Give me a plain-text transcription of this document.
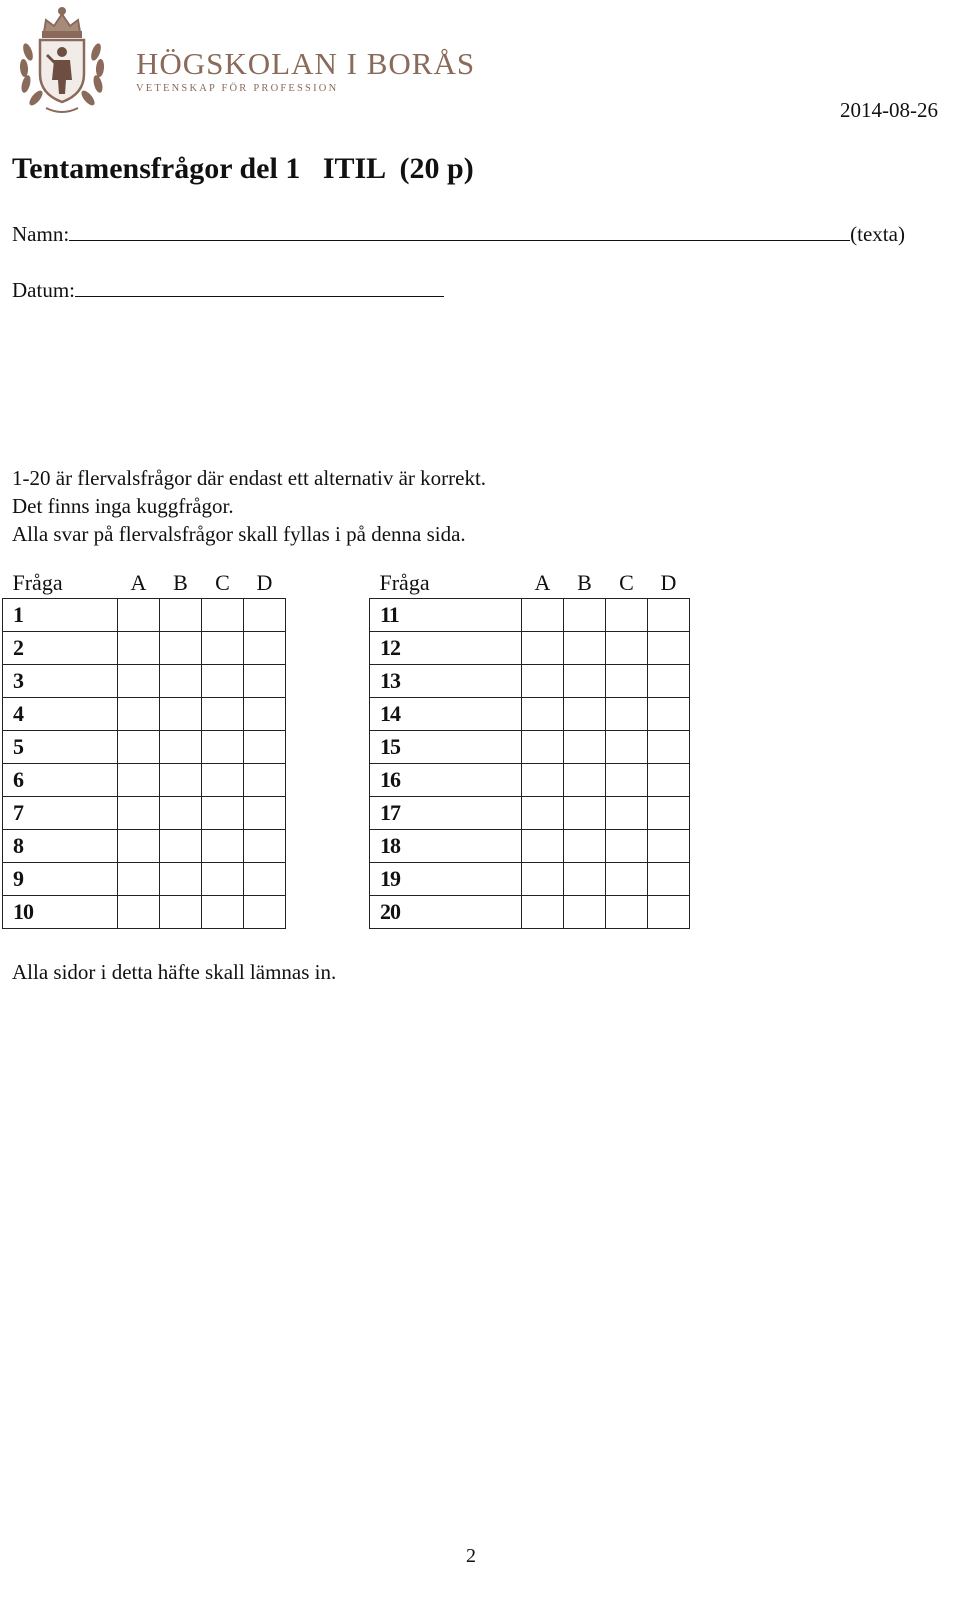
HÖGSKOLAN I BORÅS
VETENSKAP FÖR PROFESSION
2014-08-26
Tentamensfrågor del 1   ITIL  (20 p)
Namn:	(texta)
Datum:
1-20 är flervalsfrågor där endast ett alternativ är korrekt.
Det finns inga kuggfrågor.
Alla svar på flervalsfrågor skall fyllas i på denna sida.
Fråga	A	B	C	D
1				
2				
3				
4				
5				
6				
7				
8				
9				
10				
Fråga	A	B	C	D
11				
12				
13				
14				
15				
16				
17				
18				
19				
20				
Alla sidor i detta häfte skall lämnas in.
2
